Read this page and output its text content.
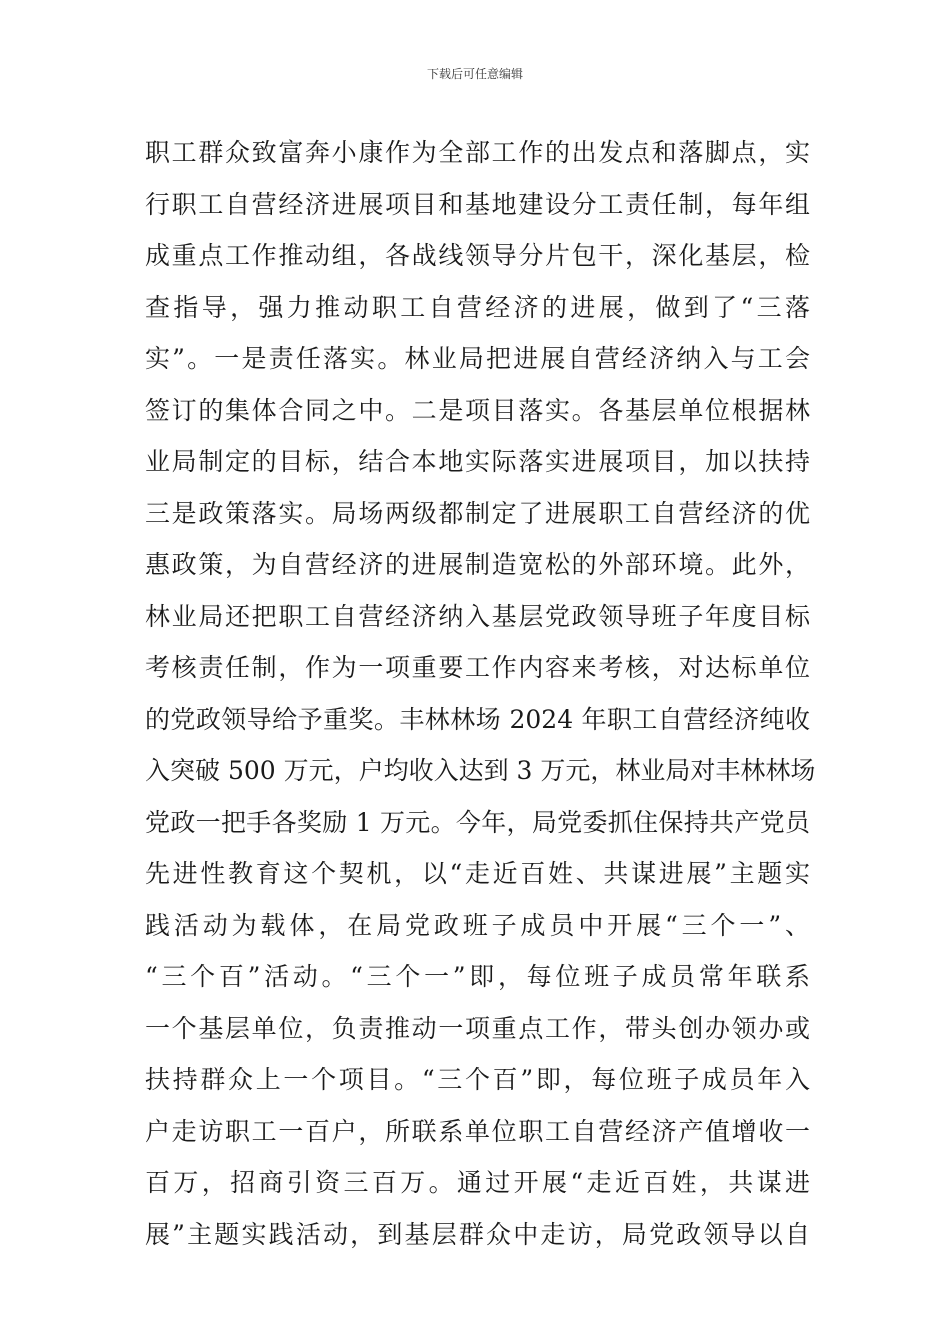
下载后可任意编辑
职工群众致富奔小康作为全部工作的出发点和落脚点，实
行职工自营经济进展项目和基地建设分工责任制，每年组
成重点工作推动组，各战线领导分片包干，深化基层，检
查指导，强力推动职工自营经济的进展，做到了“三落
实”。一是责任落实。林业局把进展自营经济纳入与工会
签订的集体合同之中。二是项目落实。各基层单位根据林
业局制定的目标，结合本地实际落实进展项目，加以扶持
三是政策落实。局场两级都制定了进展职工自营经济的优
惠政策，为自营经济的进展制造宽松的外部环境。此外，
林业局还把职工自营经济纳入基层党政领导班子年度目标
考核责任制，作为一项重要工作内容来考核，对达标单位
的党政领导给予重奖。丰林林场 2024 年职工自营经济纯收
入突破 500 万元，户均收入达到 3 万元，林业局对丰林林场
党政一把手各奖励 1 万元。今年，局党委抓住保持共产党员
先进性教育这个契机，以“走近百姓、共谋进展”主题实
践活动为载体，在局党政班子成员中开展“三个一”、
“三个百”活动。“三个一”即，每位班子成员常年联系
一个基层单位，负责推动一项重点工作，带头创办领办或
扶持群众上一个项目。“三个百”即，每位班子成员年入
户走访职工一百户，所联系单位职工自营经济产值增收一
百万，招商引资三百万。通过开展“走近百姓，共谋进
展”主题实践活动，到基层群众中走访，局党政领导以自
